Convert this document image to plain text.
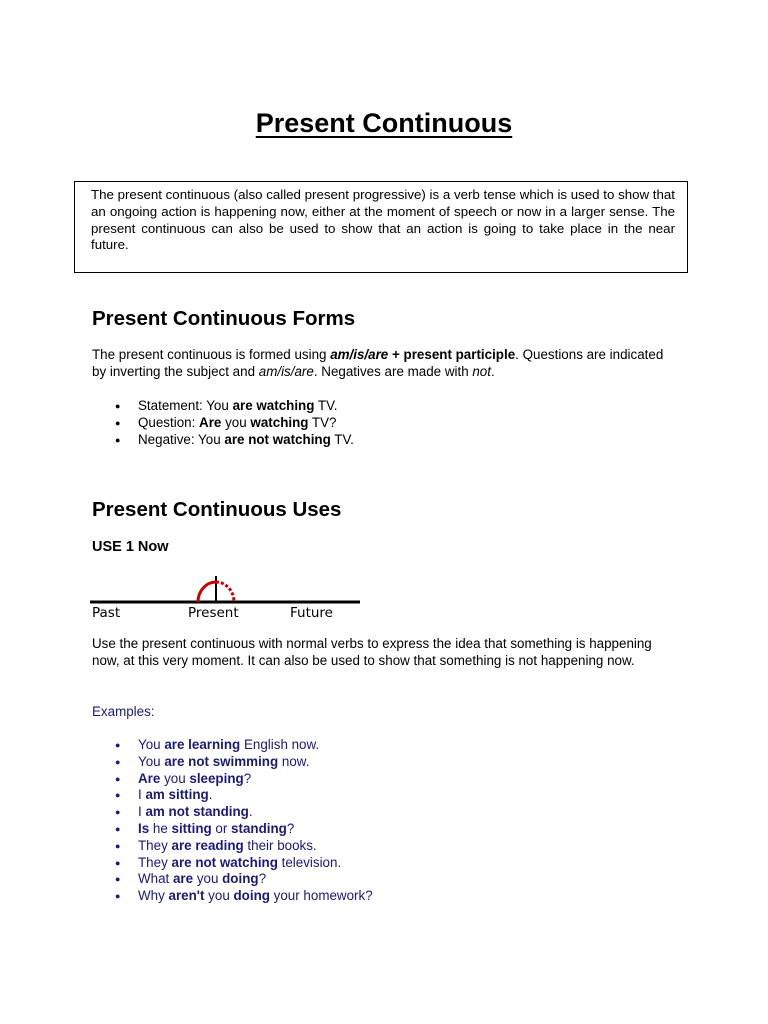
Present Continuous
The present continuous (also called present progressive) is a verb tense which is used to show that an ongoing action is happening now, either at the moment of speech or now in a larger sense. The present continuous can also be used to show that an action is going to take place in the near future.
Present Continuous Forms
The present continuous is formed using am/is/are + present participle. Questions are indicated by inverting the subject and am/is/are. Negatives are made with not.
● Statement: You are watching TV.
● Question: Are you watching TV?
● Negative: You are not watching TV.
Present Continuous Uses
USE 1 Now
Past	Present	Future
Use the present continuous with normal verbs to express the idea that something is happening now, at this very moment. It can also be used to show that something is not happening now.
Examples:
● You are learning English now.
● You are not swimming now.
● Are you sleeping?
● I am sitting.
● I am not standing.
● Is he sitting or standing?
● They are reading their books.
● They are not watching television.
● What are you doing?
● Why aren't you doing your homework?
